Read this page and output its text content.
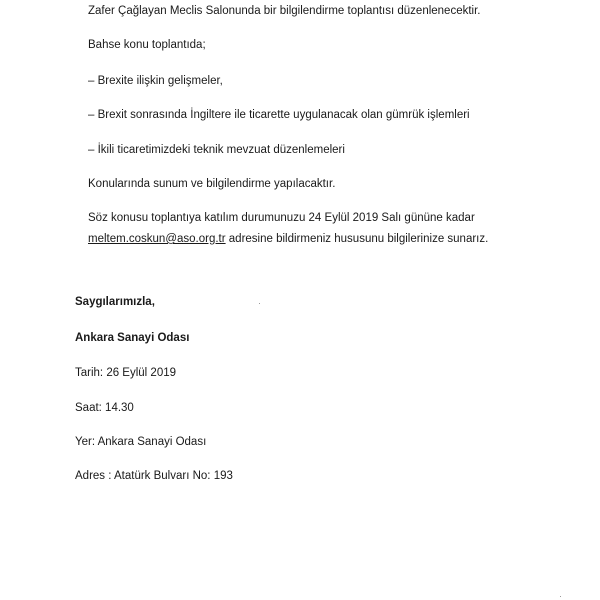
Zafer Çağlayan Meclis Salonunda bir bilgilendirme toplantısı düzenlenecektir.
Bahse konu toplantıda;
– Brexite ilişkin gelişmeler,
– Brexit sonrasında İngiltere ile ticarette uygulanacak olan gümrük işlemleri
– İkili ticaretimizdeki teknik mevzuat düzenlemeleri
Konularında sunum ve bilgilendirme yapılacaktır.
Söz konusu toplantıya katılım durumunuzu 24 Eylül 2019 Salı gününe kadar
meltem.coskun@aso.org.tr adresine bildirmeniz hususunu bilgilerinize sunarız.
Saygılarımızla,
Ankara Sanayi Odası
Tarih: 26 Eylül 2019
Saat: 14.30
Yer: Ankara Sanayi Odası
Adres : Atatürk Bulvarı No: 193
